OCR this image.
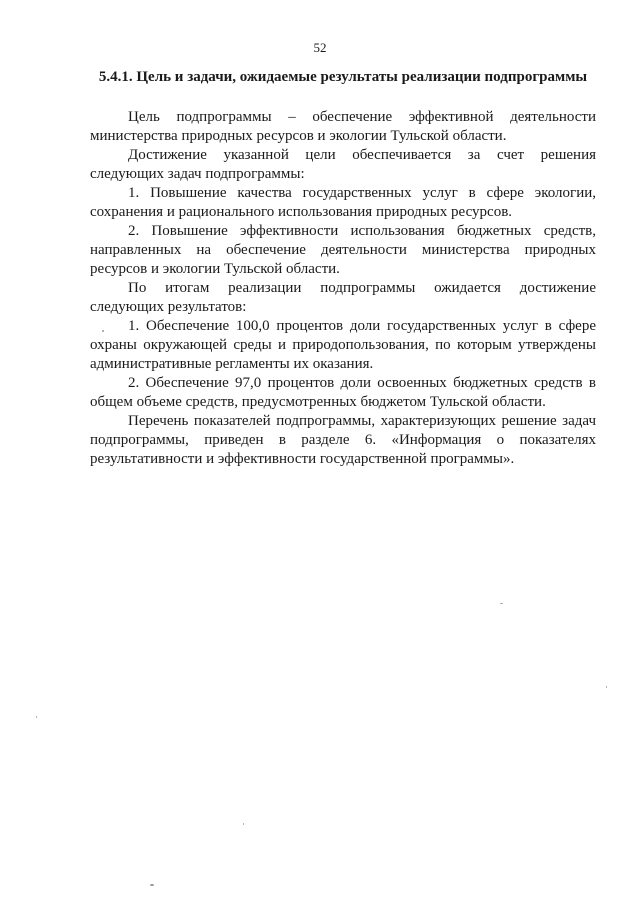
52
5.4.1. Цель и задачи, ожидаемые результаты реализации подпрограммы

Цель подпрограммы – обеспечение эффективной деятельности министерства природных ресурсов и экологии Тульской области.

Достижение указанной цели обеспечивается за счет решения следующих задач подпрограммы:

1. Повышение качества государственных услуг в сфере экологии, сохранения и рационального использования природных ресурсов.

2. Повышение эффективности использования бюджетных средств, направленных на обеспечение деятельности министерства природных ресурсов и экологии Тульской области.

По итогам реализации подпрограммы ожидается достижение следующих результатов:

1. Обеспечение 100,0 процентов доли государственных услуг в сфере охраны окружающей среды и природопользования, по которым утверждены административные регламенты их оказания.

2. Обеспечение 97,0 процентов доли освоенных бюджетных средств в общем объеме средств, предусмотренных бюджетом Тульской области.

Перечень показателей подпрограммы, характеризующих решение задач подпрограммы, приведен в разделе 6. «Информация о показателях результативности и эффективности государственной программы».
